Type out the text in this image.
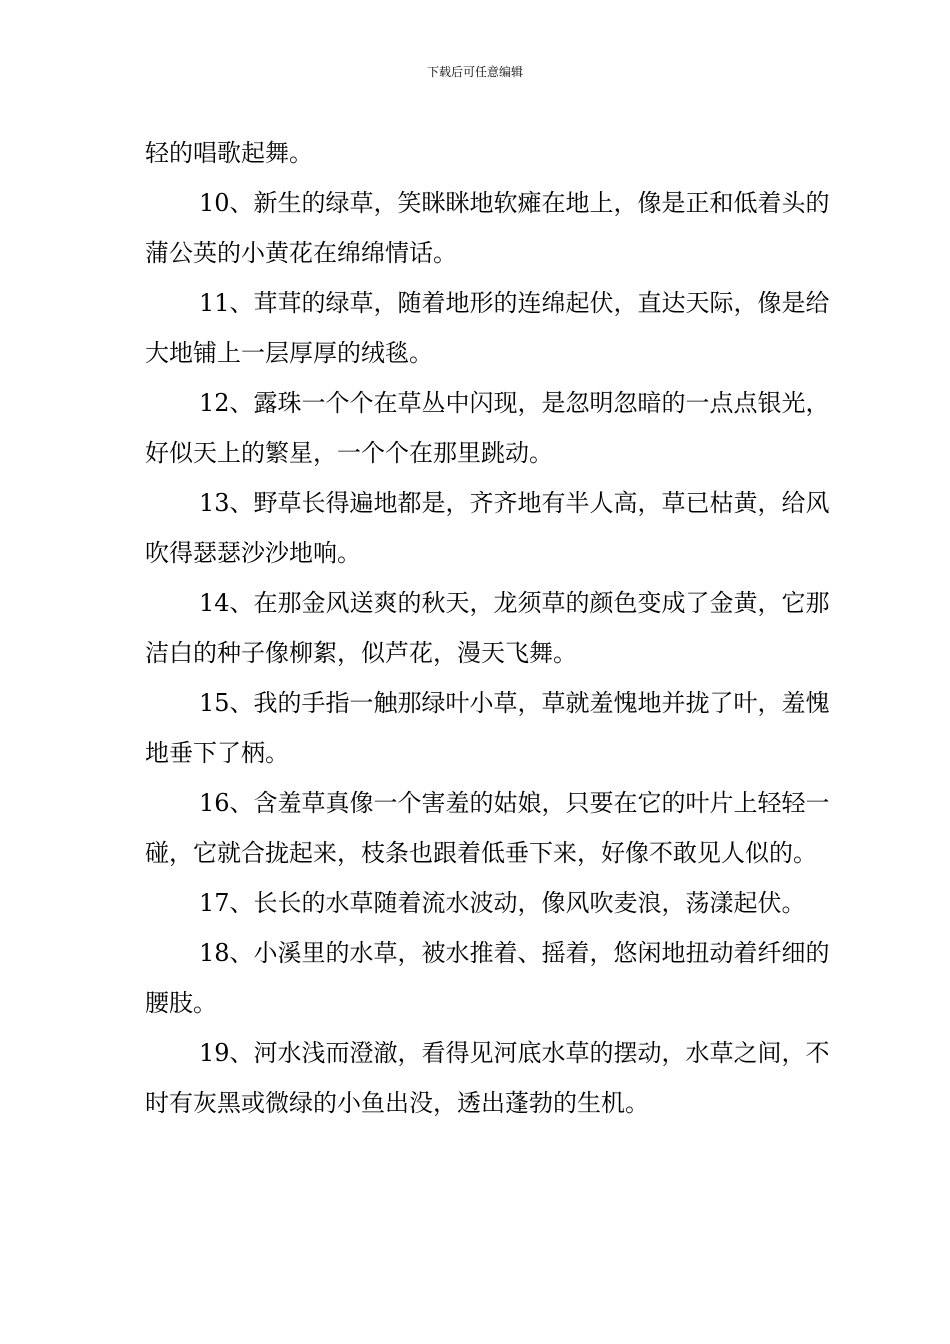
下载后可任意编辑

轻的唱歌起舞。

10、新生的绿草，笑眯眯地软瘫在地上，像是正和低着头的蒲公英的小黄花在绵绵情话。

11、茸茸的绿草，随着地形的连绵起伏，直达天际，像是给大地铺上一层厚厚的绒毯。

12、露珠一个个在草丛中闪现，是忽明忽暗的一点点银光，好似天上的繁星，一个个在那里跳动。

13、野草长得遍地都是，齐齐地有半人高，草已枯黄，给风吹得瑟瑟沙沙地响。

14、在那金风送爽的秋天，龙须草的颜色变成了金黄，它那洁白的种子像柳絮，似芦花，漫天飞舞。

15、我的手指一触那绿叶小草，草就羞愧地并拢了叶，羞愧地垂下了柄。

16、含羞草真像一个害羞的姑娘，只要在它的叶片上轻轻一碰，它就合拢起来，枝条也跟着低垂下来，好像不敢见人似的。

17、长长的水草随着流水波动，像风吹麦浪，荡漾起伏。

18、小溪里的水草，被水推着、摇着，悠闲地扭动着纤细的腰肢。

19、河水浅而澄澈，看得见河底水草的摆动，水草之间，不时有灰黑或微绿的小鱼出没，透出蓬勃的生机。
